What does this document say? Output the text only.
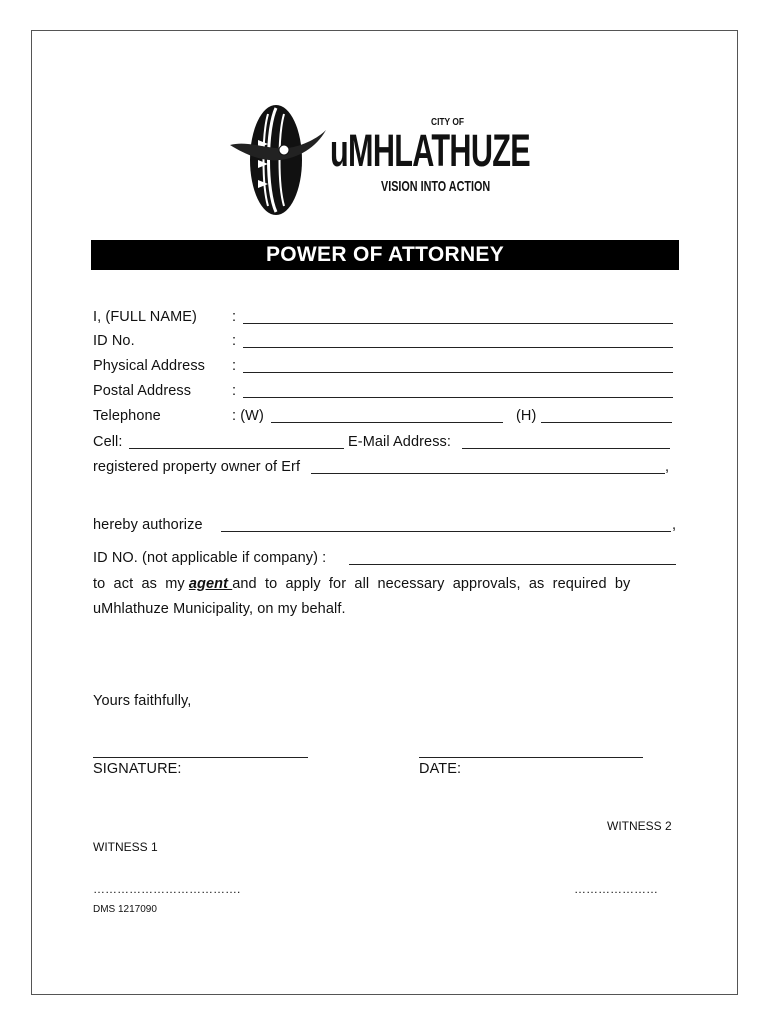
CITY OF
uMHLATHUZE
VISION INTO ACTION
POWER OF ATTORNEY
I, (FULL NAME) :
ID No.	:
Physical Address :
Postal Address	:
Telephone	: (W)	(H)
Cell:	E-Mail Address:
registered property owner of Erf	,
hereby authorize	,
ID NO. (not applicable if company) :
to  act  as  my agent and  to  apply  for  all  necessary  approvals,  as  required  by
uMhlathuze Municipality, on my behalf.
Yours faithfully,
SIGNATURE:	DATE:
WITNESS 2
WITNESS 1
……………………………….	…………………
DMS 1217090
